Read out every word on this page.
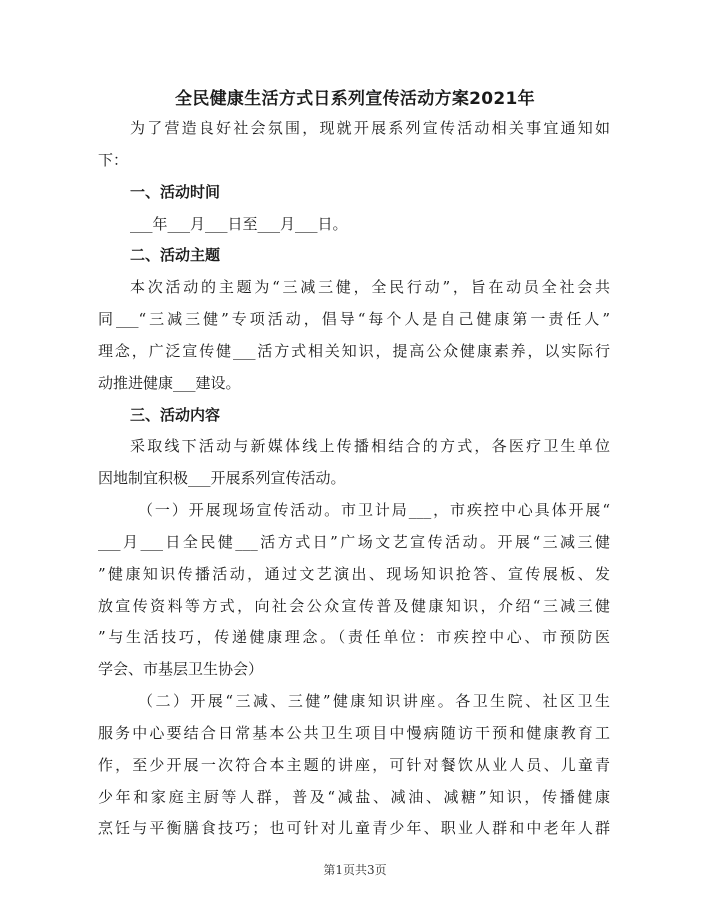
全民健康生活方式日系列宣传活动方案2021年
为了营造良好社会氛围，现就开展系列宣传活动相关事宜通知如
下：
一、活动时间
___年___月___日至___月___日。
二、活动主题
本次活动的主题为“三减三健，全民行动”，旨在动员全社会共
同___“三减三健”专项活动，倡导“每个人是自己健康第一责任人”
理念，广泛宣传健___活方式相关知识，提高公众健康素养，以实际行
动推进健康___建设。
三、活动内容
采取线下活动与新媒体线上传播相结合的方式，各医疗卫生单位
因地制宜积极___开展系列宣传活动。
（一）开展现场宣传活动。市卫计局___，市疾控中心具体开展“
___月___日全民健___活方式日”广场文艺宣传活动。开展“三减三健
”健康知识传播活动，通过文艺演出、现场知识抢答、宣传展板、发
放宣传资料等方式，向社会公众宣传普及健康知识，介绍“三减三健
”与生活技巧，传递健康理念。（责任单位：市疾控中心、市预防医
学会、市基层卫生协会）
（二）开展“三减、三健”健康知识讲座。各卫生院、社区卫生
服务中心要结合日常基本公共卫生项目中慢病随访干预和健康教育工
作，至少开展一次符合本主题的讲座，可针对餐饮从业人员、儿童青
少年和家庭主厨等人群，普及“减盐、减油、减糖”知识，传播健康
烹饪与平衡膳食技巧；也可针对儿童青少年、职业人群和中老年人群
第1页共3页
